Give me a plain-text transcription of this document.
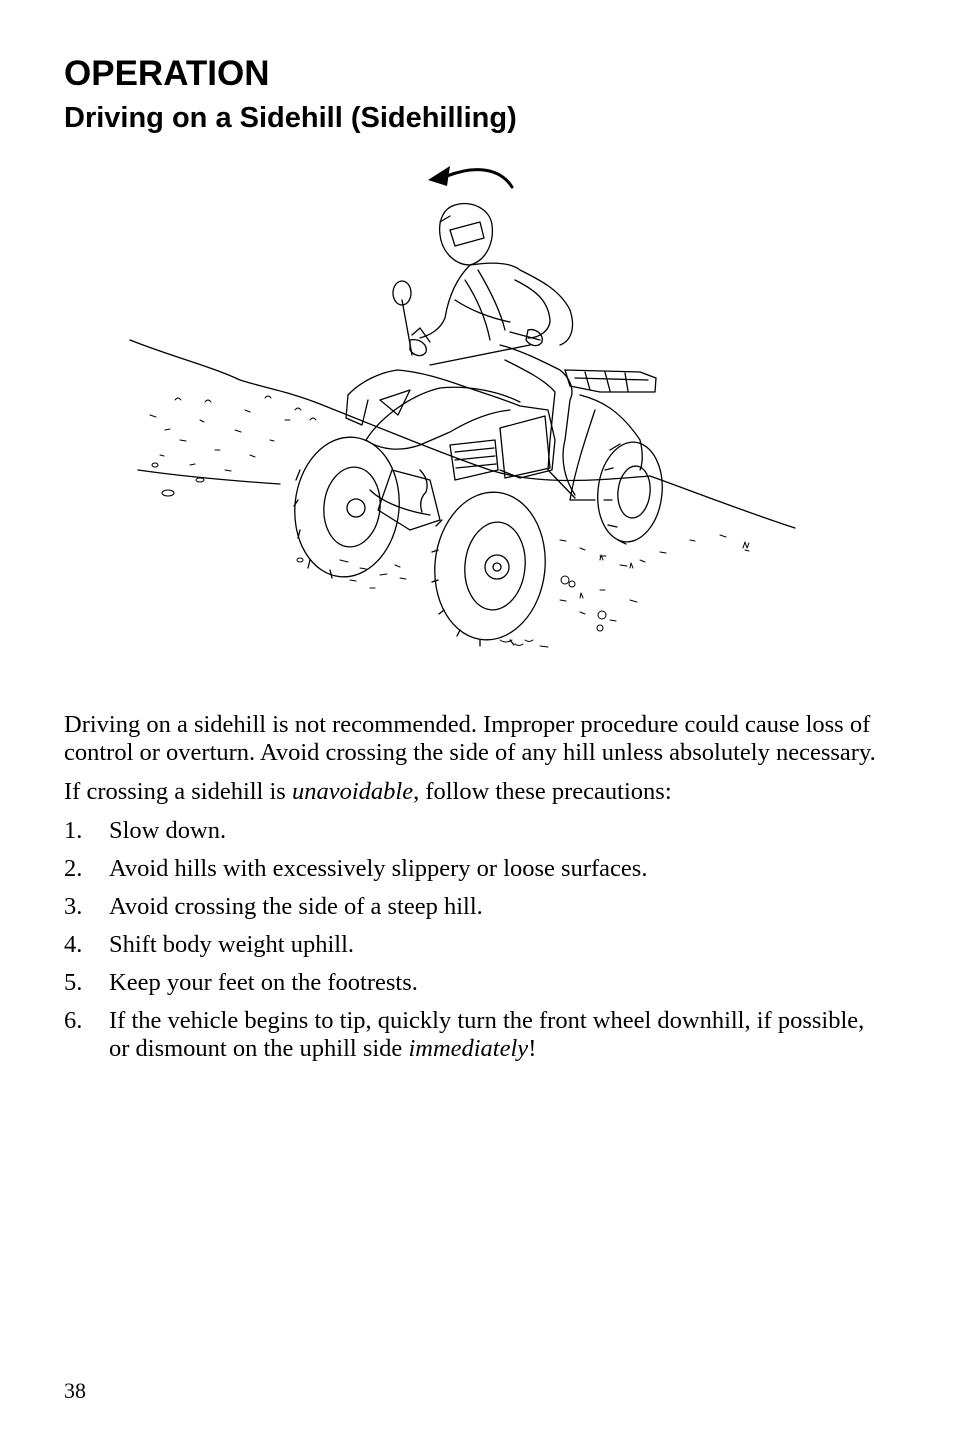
OPERATION
Driving on a Sidehill (Sidehilling)

Driving on a sidehill is not recommended. Improper procedure could cause loss of control or overturn. Avoid crossing the side of any hill unless absolutely necessary.

If crossing a sidehill is unavoidable, follow these precautions:

1. Slow down.
2. Avoid hills with excessively slippery or loose surfaces.
3. Avoid crossing the side of a steep hill.
4. Shift body weight uphill.
5. Keep your feet on the footrests.
6. If the vehicle begins to tip, quickly turn the front wheel downhill, if possible, or dismount on the uphill side immediately!
38
